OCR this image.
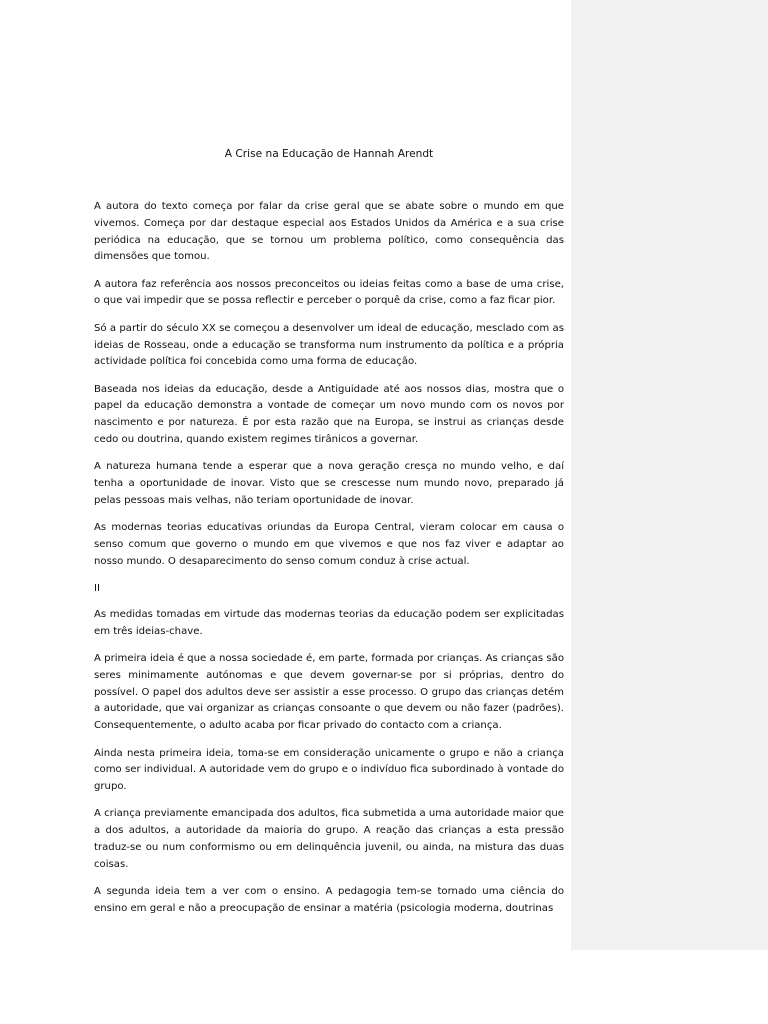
A Crise na Educação de Hannah Arendt

A autora do texto começa por falar da crise geral que se abate sobre o mundo em que vivemos. Começa por dar destaque especial aos Estados Unidos da América e a sua crise periódica na educação, que se tornou um problema político, como consequência das dimensões que tomou.

A autora faz referência aos nossos preconceitos ou ideias feitas como a base de uma crise, o que vai impedir que se possa reflectir e perceber o porquê da crise, como a faz ficar pior.

Só a partir do século XX se começou a desenvolver um ideal de educação, mesclado com as ideias de Rosseau, onde a educação se transforma num instrumento da política e a própria actividade política foi concebida como uma forma de educação.

Baseada nos ideias da educação, desde a Antiguidade até aos nossos dias, mostra que o papel da educação demonstra a vontade de começar um novo mundo com os novos por nascimento e por natureza. É por esta razão que na Europa, se instrui as crianças desde cedo ou doutrina, quando existem regimes tirânicos a governar.

A natureza humana tende a esperar que a nova geração cresça no mundo velho, e daí tenha a oportunidade de inovar. Visto que se crescesse num mundo novo, preparado já pelas pessoas mais velhas, não teriam oportunidade de inovar.

As modernas teorias educativas oriundas da Europa Central, vieram colocar em causa o senso comum que governo o mundo em que vivemos e que nos faz viver e adaptar ao nosso mundo. O desaparecimento do senso comum conduz à crise actual.

II

As medidas tomadas em virtude das modernas teorias da educação podem ser explicitadas em três ideias-chave.

A primeira ideia é que a nossa sociedade é, em parte, formada por crianças. As crianças são seres minimamente autónomas e que devem governar-se por si próprias, dentro do possível. O papel dos adultos deve ser assistir a esse processo. O grupo das crianças detém a autoridade, que vai organizar as crianças consoante o que devem ou não fazer (padrões). Consequentemente, o adulto acaba por ficar privado do contacto com a criança.

Ainda nesta primeira ideia, toma-se em consideração unicamente o grupo e não a criança como ser individual. A autoridade vem do grupo e o indivíduo fica subordinado à vontade do grupo.

A criança previamente emancipada dos adultos, fica submetida a uma autoridade maior que a dos adultos, a autoridade da maioria do grupo. A reação das crianças a esta pressão traduz-se ou num conformismo ou em delinquência juvenil, ou ainda, na mistura das duas coisas.

A segunda ideia tem a ver com o ensino. A pedagogia tem-se tornado uma ciência do ensino em geral e não a preocupação de ensinar a matéria (psicologia moderna, doutrinas
